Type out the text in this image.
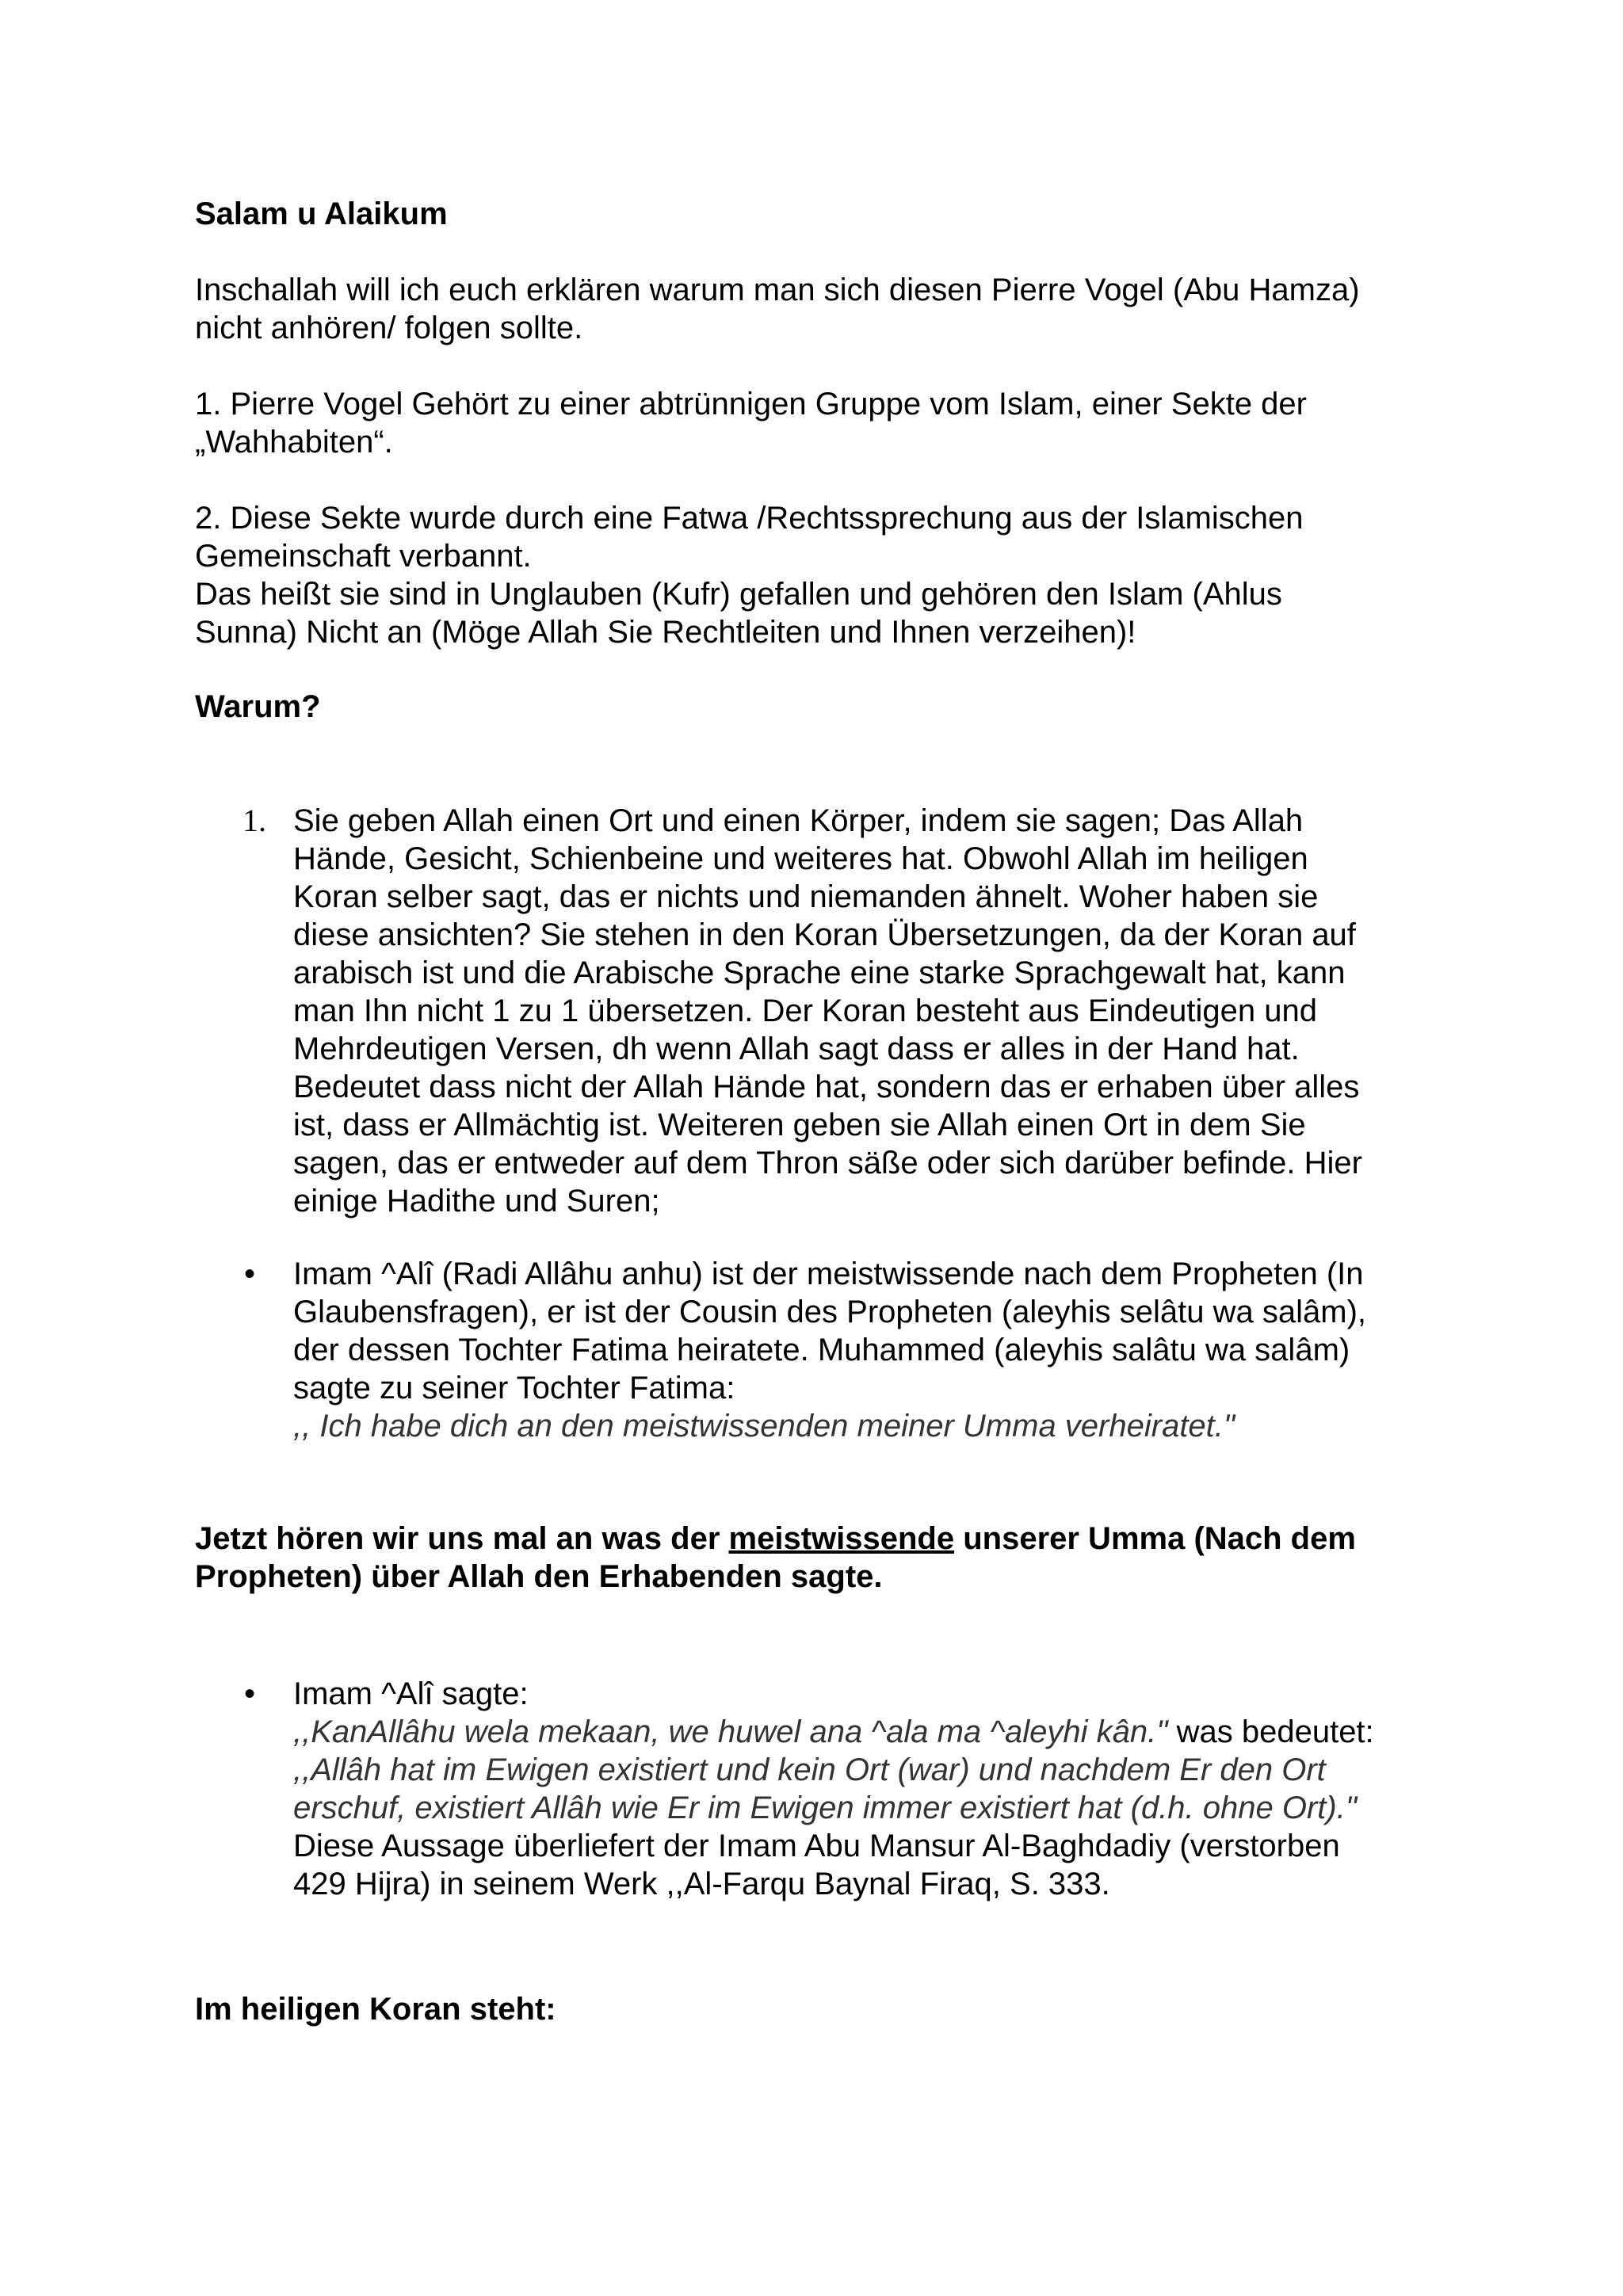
Salam u Alaikum

Inschallah will ich euch erklären warum man sich diesen Pierre Vogel (Abu Hamza)
nicht anhören/ folgen sollte.

1. Pierre Vogel Gehört zu einer abtrünnigen Gruppe vom Islam, einer Sekte der
„Wahhabiten“.

2. Diese Sekte wurde durch eine Fatwa /Rechtssprechung aus der Islamischen
Gemeinschaft verbannt.
Das heißt sie sind in Unglauben (Kufr) gefallen und gehören den Islam (Ahlus
Sunna) Nicht an (Möge Allah Sie Rechtleiten und Ihnen verzeihen)!

Warum?

1. Sie geben Allah einen Ort und einen Körper, indem sie sagen; Das Allah
Hände, Gesicht, Schienbeine und weiteres hat. Obwohl Allah im heiligen
Koran selber sagt, das er nichts und niemanden ähnelt. Woher haben sie
diese ansichten? Sie stehen in den Koran Übersetzungen, da der Koran auf
arabisch ist und die Arabische Sprache eine starke Sprachgewalt hat, kann
man Ihn nicht 1 zu 1 übersetzen. Der Koran besteht aus Eindeutigen und
Mehrdeutigen Versen, dh wenn Allah sagt dass er alles in der Hand hat.
Bedeutet dass nicht der Allah Hände hat, sondern das er erhaben über alles
ist, dass er Allmächtig ist. Weiteren geben sie Allah einen Ort in dem Sie
sagen, das er entweder auf dem Thron säße oder sich darüber befinde. Hier
einige Hadithe und Suren;

• Imam ^Alî (Radi Allâhu anhu) ist der meistwissende nach dem Propheten (In
Glaubensfragen), er ist der Cousin des Propheten (aleyhis selâtu wa salâm),
der dessen Tochter Fatima heiratete. Muhammed (aleyhis salâtu wa salâm)
sagte zu seiner Tochter Fatima:
,, Ich habe dich an den meistwissenden meiner Umma verheiratet."

Jetzt hören wir uns mal an was der meistwissende unserer Umma (Nach dem
Propheten) über Allah den Erhabenden sagte.

• Imam ^Alî sagte:
,,KanAllâhu wela mekaan, we huwel ana ^ala ma ^aleyhi kân." was bedeutet:
,,Allâh hat im Ewigen existiert und kein Ort (war) und nachdem Er den Ort
erschuf, existiert Allâh wie Er im Ewigen immer existiert hat (d.h. ohne Ort)."
Diese Aussage überliefert der Imam Abu Mansur Al-Baghdadiy (verstorben
429 Hijra) in seinem Werk ,,Al-Farqu Baynal Firaq, S. 333.

Im heiligen Koran steht:
